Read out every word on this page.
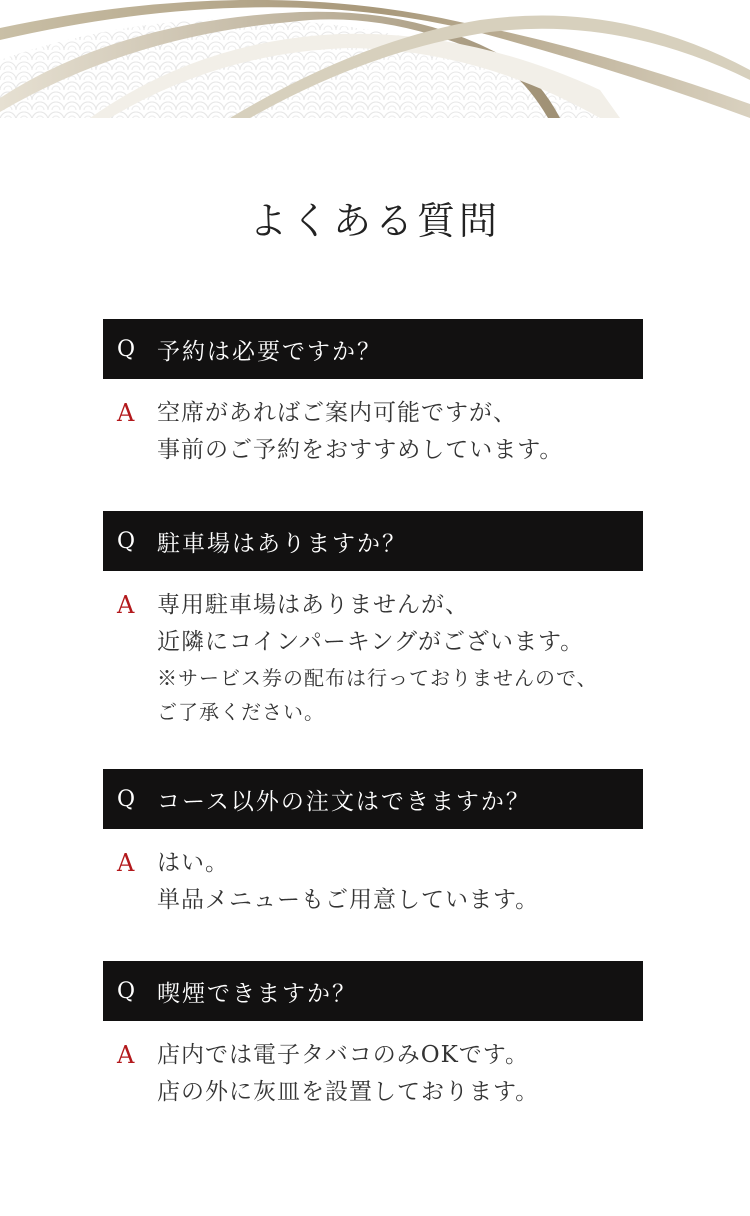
よくある質問
Q 予約は必要ですか？
A 空席があればご案内可能ですが、
事前のご予約をおすすめしています。
Q 駐車場はありますか？
A 専用駐車場はありませんが、
近隣にコインパーキングがございます。
※サービス券の配布は行っておりませんので、
ご了承ください。
Q コース以外の注文はできますか？
A はい。
単品メニューもご用意しています。
Q 喫煙できますか？
A 店内では電子タバコのみOKです。
店の外に灰皿を設置しております。
